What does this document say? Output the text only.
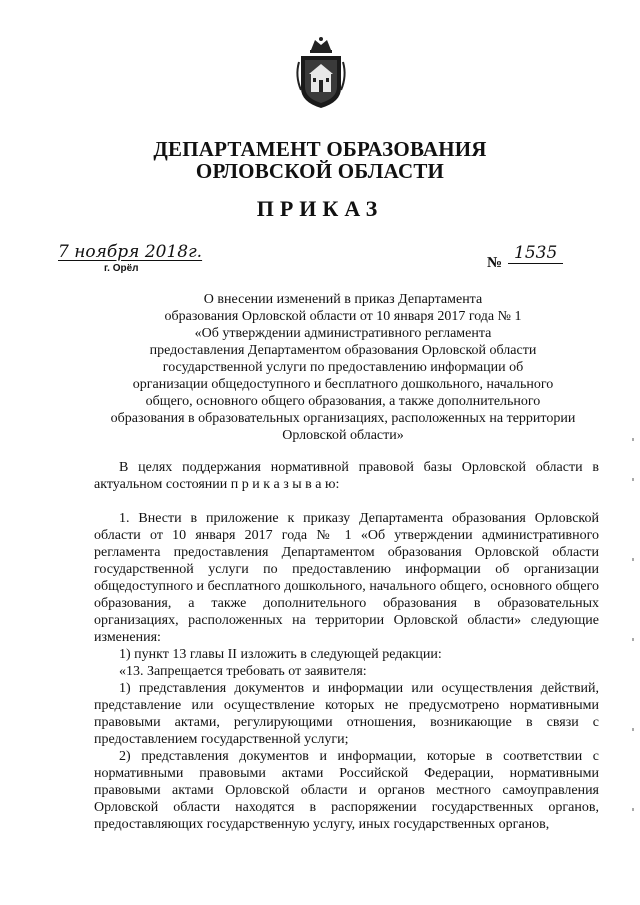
ДЕПАРТАМЕНТ ОБРАЗОВАНИЯ
ОРЛОВСКОЙ ОБЛАСТИ
ПРИКАЗ
7 ноября 2018г.
г. Орёл	№ 1535
О внесении изменений в приказ Департамента
образования Орловской области от 10 января 2017 года № 1
«Об утверждении административного регламента
предоставления Департаментом образования Орловской области
государственной услуги по предоставлению информации об
организации общедоступного и бесплатного дошкольного, начального
общего, основного общего образования, а также дополнительного
образования в образовательных организациях, расположенных на территории
Орловской области»

В целях поддержания нормативной правовой базы Орловской области в актуальном состоянии п р и к а з ы в а ю:

1. Внести в приложение к приказу Департамента образования Орловской области от 10 января 2017 года № 1 «Об утверждении административного регламента предоставления Департаментом образования Орловской области государственной услуги по предоставлению информации об организации общедоступного и бесплатного дошкольного, начального общего, основного общего образования, а также дополнительного образования в образовательных организациях, расположенных на территории Орловской области» следующие изменения:

1) пункт 13 главы II изложить в следующей редакции:

«13. Запрещается требовать от заявителя:

1) представления документов и информации или осуществления действий, представление или осуществление которых не предусмотрено нормативными правовыми актами, регулирующими отношения, возникающие в связи с предоставлением государственной услуги;

2) представления документов и информации, которые в соответствии с нормативными правовыми актами Российской Федерации, нормативными правовыми актами Орловской области и органов местного самоуправления Орловской области находятся в распоряжении государственных органов, предоставляющих государственную услугу, иных государственных органов,
